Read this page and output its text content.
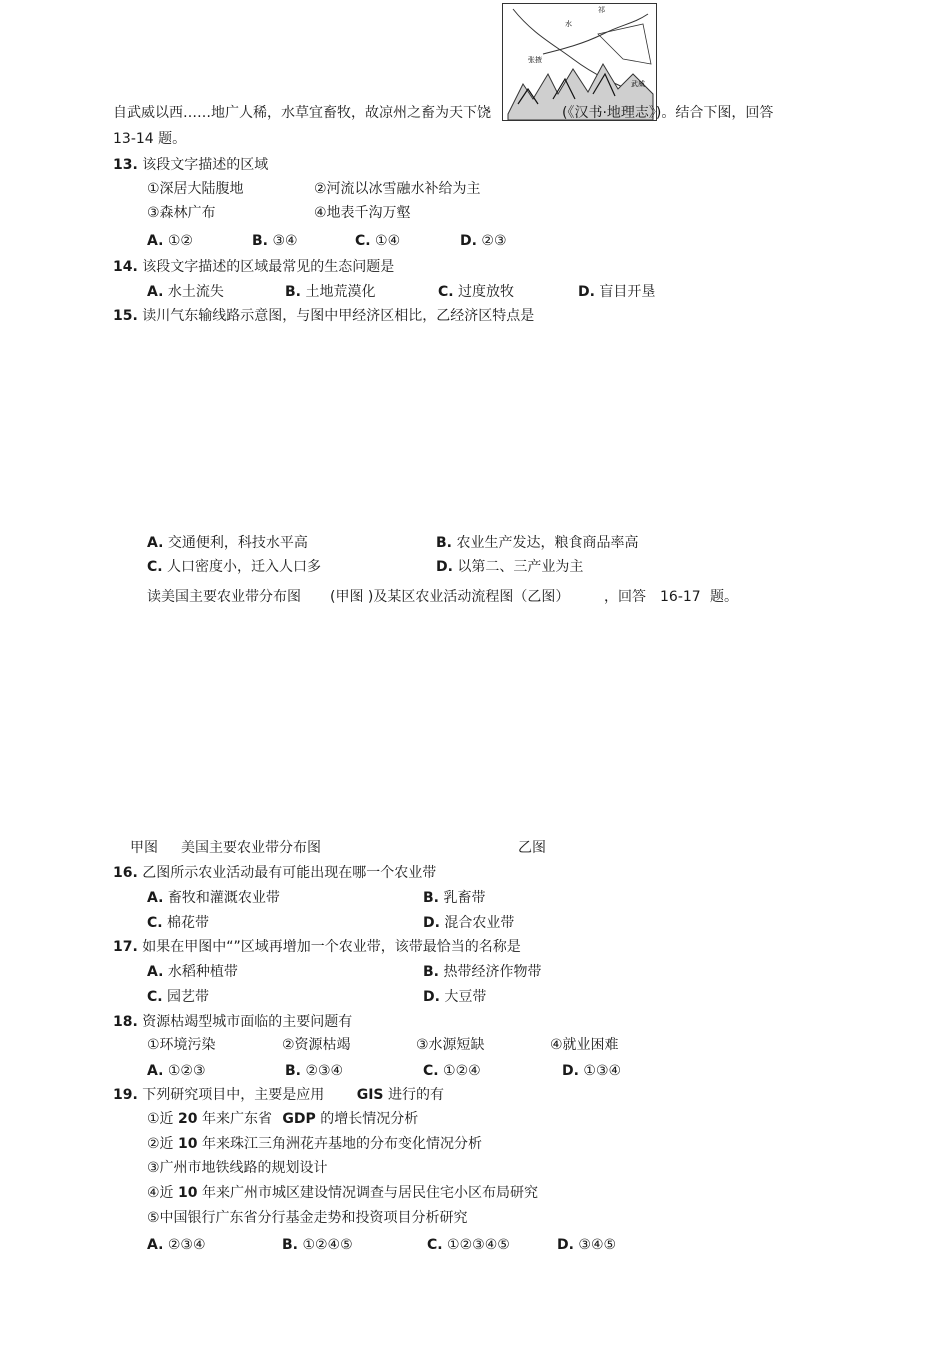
祁
水
张掖
武威
自武威以西……地广人稀，水草宜畜牧，故凉州之畜为天下饶	(《汉书·地理志》)。结合下图，回答
13-14 题。
13. 该段文字描述的区域
①深居大陆腹地	②河流以冰雪融水补给为主
③森林广布	④地表千沟万壑
A. ①②	B. ③④	C. ①④	D. ②③
14. 该段文字描述的区域最常见的生态问题是
A. 水土流失	B. 土地荒漠化	C. 过度放牧	D. 盲目开垦
15. 读川气东输线路示意图，与图中甲经济区相比，乙经济区特点是
A. 交通便利，科技水平高	B. 农业生产发达，粮食商品率高
C. 人口密度小，迁入人口多	D. 以第二、三产业为主
读美国主要农业带分布图 (甲图 )及某区农业活动流程图（乙图） ，回答 16-17 题。
甲图 美国主要农业带分布图	乙图
16. 乙图所示农业活动最有可能出现在哪一个农业带
A. 畜牧和灌溉农业带	B. 乳畜带
C. 棉花带	D. 混合农业带
17. 如果在甲图中“”区域再增加一个农业带，该带最恰当的名称是
A. 水稻种植带	B. 热带经济作物带
C. 园艺带	D. 大豆带
18. 资源枯竭型城市面临的主要问题有
①环境污染	②资源枯竭	③水源短缺	④就业困难
A. ①②③	B. ②③④	C. ①②④	D. ①③④
19. 下列研究项目中，主要是应用 GIS 进行的有
①近 20 年来广东省 GDP 的增长情况分析
②近 10 年来珠江三角洲花卉基地的分布变化情况分析
③广州市地铁线路的规划设计
④近 10 年来广州市城区建设情况调查与居民住宅小区布局研究
⑤中国银行广东省分行基金走势和投资项目分析研究
A. ②③④	B. ①②④⑤	C. ①②③④⑤	D. ③④⑤
